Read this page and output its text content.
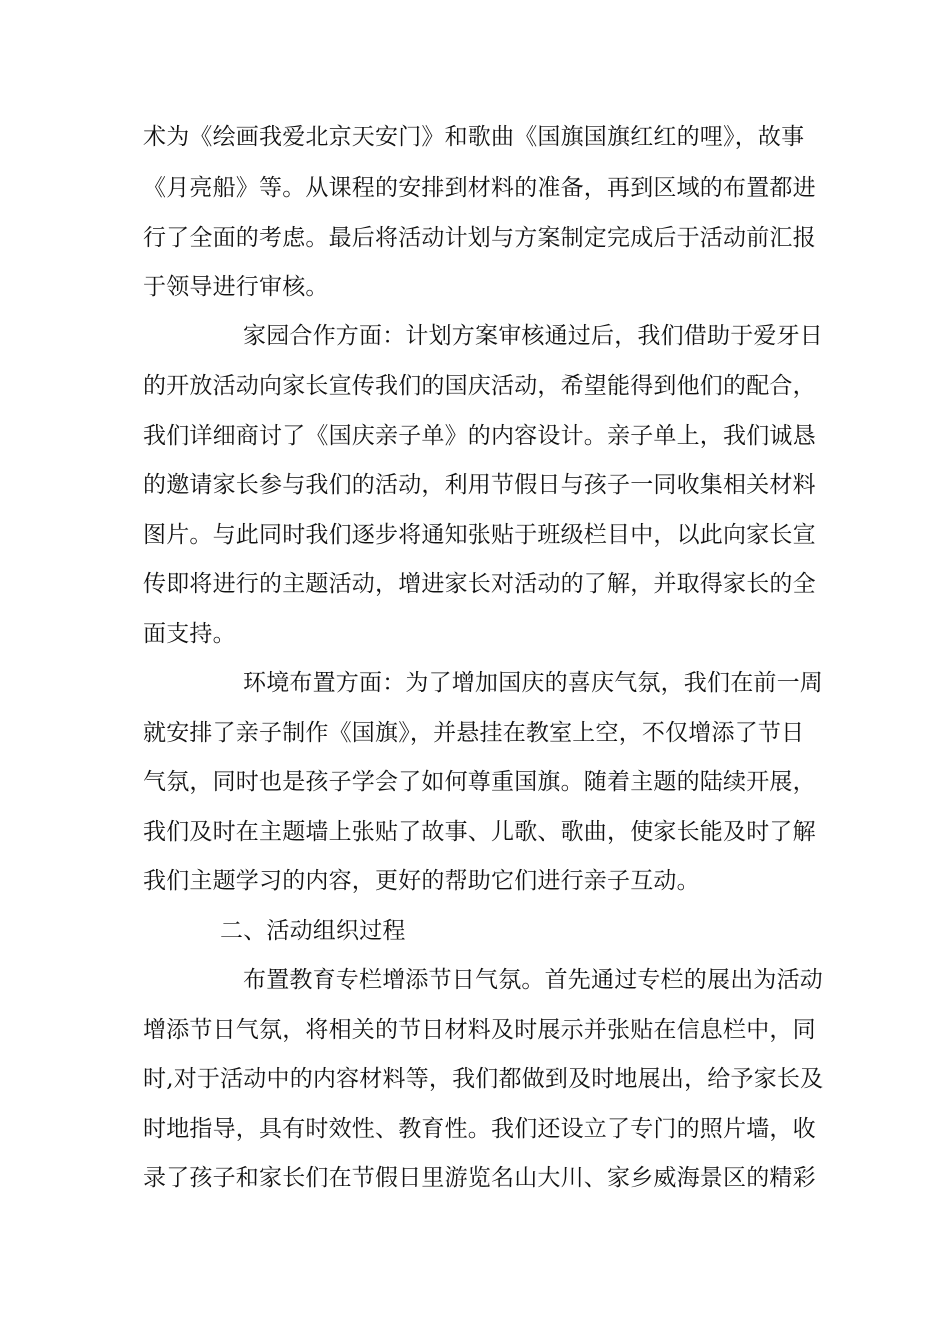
术为《绘画我爱北京天安门》和歌曲《国旗国旗红红的哩》，故事
《月亮船》等。从课程的安排到材料的准备，再到区域的布置都进
行了全面的考虑。最后将活动计划与方案制定完成后于活动前汇报
于领导进行审核。
家园合作方面：计划方案审核通过后，我们借助于爱牙日
的开放活动向家长宣传我们的国庆活动，希望能得到他们的配合，
我们详细商讨了《国庆亲子单》的内容设计。亲子单上，我们诚恳
的邀请家长参与我们的活动，利用节假日与孩子一同收集相关材料
图片。与此同时我们逐步将通知张贴于班级栏目中，以此向家长宣
传即将进行的主题活动，增进家长对活动的了解，并取得家长的全
面支持。
环境布置方面：为了增加国庆的喜庆气氛，我们在前一周
就安排了亲子制作《国旗》，并悬挂在教室上空，不仅增添了节日
气氛，同时也是孩子学会了如何尊重国旗。随着主题的陆续开展，
我们及时在主题墙上张贴了故事、儿歌、歌曲，使家长能及时了解
我们主题学习的内容，更好的帮助它们进行亲子互动。
二、活动组织过程
布置教育专栏增添节日气氛。首先通过专栏的展出为活动
增添节日气氛，将相关的节日材料及时展示并张贴在信息栏中，同
时,对于活动中的内容材料等，我们都做到及时地展出，给予家长及
时地指导，具有时效性、教育性。我们还设立了专门的照片墙，收
录了孩子和家长们在节假日里游览名山大川、家乡威海景区的精彩
